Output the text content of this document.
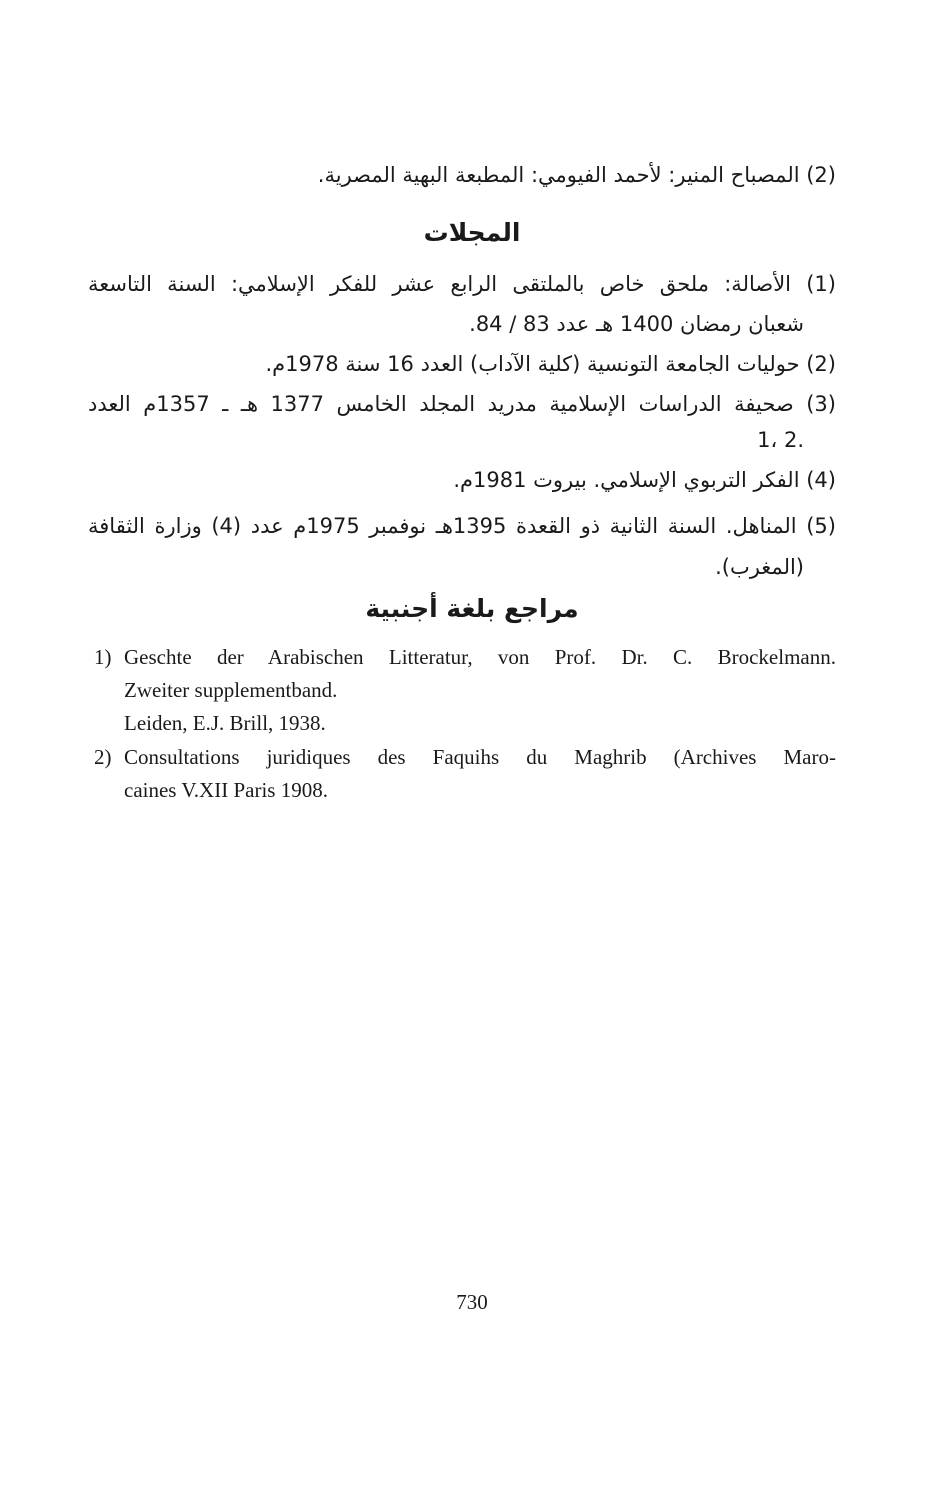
(2) المصباح المنير: لأحمد الفيومي: المطبعة البهية المصرية.
المجلات
(1) الأصالة: ملحق خاص بالملتقى الرابع عشر للفكر الإسلامي: السنة التاسعة
شعبان رمضان 1400 هـ عدد 83 / 84.
(2) حوليات الجامعة التونسية (كلية الآداب) العدد 16 سنة 1978م.
(3) صحيفة الدراسات الإسلامية مدريد المجلد الخامس 1377 هـ ـ 1357م العدد
1، 2.
(4) الفكر التربوي الإسلامي. بيروت 1981م.
(5) المناهل. السنة الثانية ذو القعدة 1395هـ نوفمبر 1975م عدد (4) وزارة الثقافة
(المغرب).
مراجع بلغة أجنبية
1) Geschte der Arabischen Litteratur, von Prof. Dr. C. Brockelmann.
Zweiter supplementband.
Leiden, E.J. Brill, 1938.
2) Consultations juridiques des Faquihs du Maghrib (Archives Maro-
caines V.XII Paris 1908.
730
